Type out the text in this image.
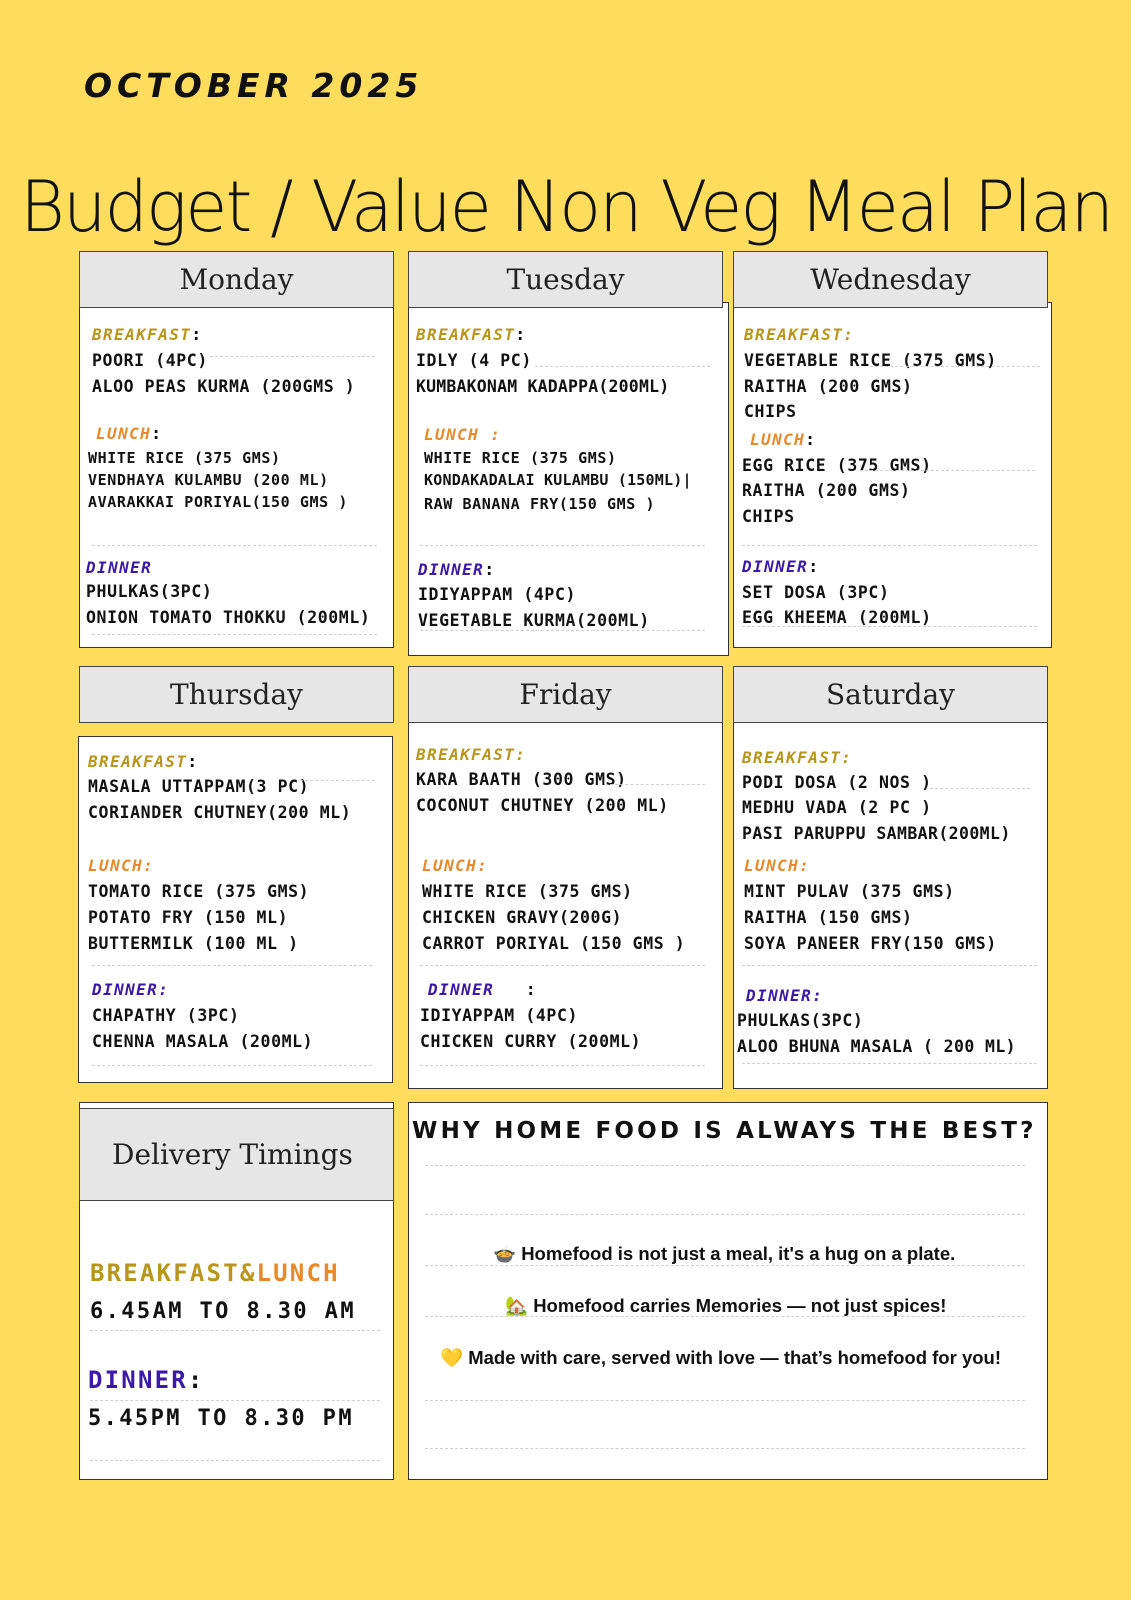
OCTOBER 2025
Budget / Value Non Veg Meal Plan
Monday
BREAKFAST:
POORI (4PC)
ALOO PEAS KURMA (200GMS )
LUNCH:
WHITE RICE (375 GMS)
VENDHAYA KULAMBU (200 ML)
AVARAKKAI PORIYAL(150 GMS )
DINNER
PHULKAS(3PC)
ONION TOMATO THOKKU (200ML)
Tuesday
BREAKFAST:
IDLY (4 PC)
KUMBAKONAM KADAPPA(200ML)
LUNCH :
WHITE RICE (375 GMS)
KONDAKADALAI KULAMBU (150ML)|
RAW BANANA FRY(150 GMS )
DINNER:
IDIYAPPAM (4PC)
VEGETABLE KURMA(200ML)
Wednesday
BREAKFAST:
VEGETABLE RICE (375 GMS)
RAITHA (200 GMS)
CHIPS
LUNCH:
EGG RICE (375 GMS)
RAITHA (200 GMS)
CHIPS
DINNER:
SET DOSA (3PC)
EGG KHEEMA (200ML)
Thursday
BREAKFAST:
MASALA UTTAPPAM(3 PC)
CORIANDER CHUTNEY(200 ML)
LUNCH:
TOMATO RICE (375 GMS)
POTATO FRY (150 ML)
BUTTERMILK (100 ML )
DINNER:
CHAPATHY (3PC)
CHENNA MASALA (200ML)
Friday
BREAKFAST:
KARA BAATH (300 GMS)
COCONUT CHUTNEY (200 ML)
LUNCH:
WHITE RICE (375 GMS)
CHICKEN GRAVY(200G)
CARROT PORIYAL (150 GMS )
DINNER   :
IDIYAPPAM (4PC)
CHICKEN CURRY (200ML)
Saturday
BREAKFAST:
PODI DOSA (2 NOS )
MEDHU VADA (2 PC )
PASI PARUPPU SAMBAR(200ML)
LUNCH:
MINT PULAV (375 GMS)
RAITHA (150 GMS)
SOYA PANEER FRY(150 GMS)
DINNER:
PHULKAS(3PC)
ALOO BHUNA MASALA ( 200 ML)
Delivery Timings
BREAKFAST&LUNCH
6.45AM TO 8.30 AM
DINNER:
5.45PM TO 8.30 PM
WHY HOME FOOD IS ALWAYS THE BEST?
🍲 Homefood is not just a meal, it's a hug on a plate.
🏡 Homefood carries Memories — not just spices!
💛 Made with care, served with love — that’s homefood for you!
